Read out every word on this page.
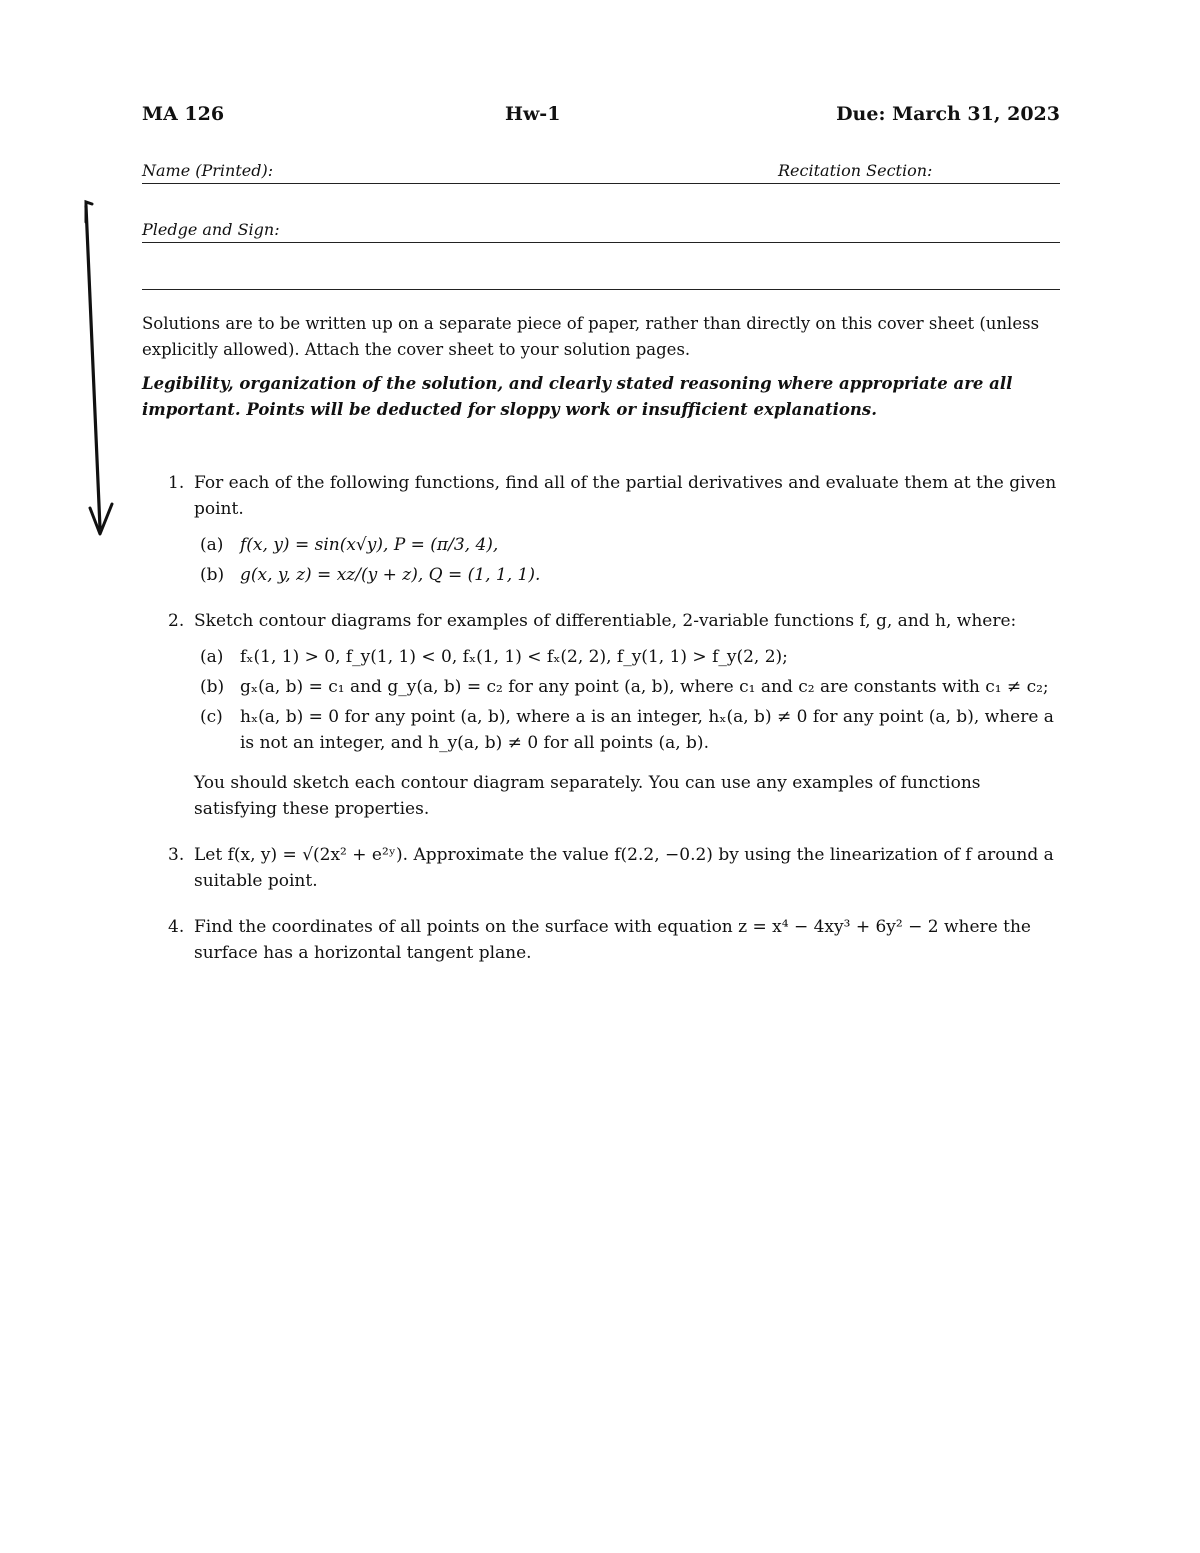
MA 126	Hw-1	Due: March 31, 2023
Name (Printed):	Recitation Section:
Pledge and Sign:
Solutions are to be written up on a separate piece of paper, rather than directly on this cover sheet (unless explicitly allowed). Attach the cover sheet to your solution pages.
Legibility, organization of the solution, and clearly stated reasoning where appropriate are all important. Points will be deducted for sloppy work or insufficient explanations.
1. For each of the following functions, find all of the partial derivatives and evaluate them at the given point.
(a) f(x, y) = sin(x√y), P = (π/3, 4),
(b) g(x, y, z) = xz/(y + z), Q = (1, 1, 1).
2. Sketch contour diagrams for examples of differentiable, 2-variable functions f, g, and h, where:
(a) fₓ(1, 1) > 0, f_y(1, 1) < 0, fₓ(1, 1) < fₓ(2, 2), f_y(1, 1) > f_y(2, 2);
(b) gₓ(a, b) = c₁ and g_y(a, b) = c₂ for any point (a, b), where c₁ and c₂ are constants with c₁ ≠ c₂;
(c) hₓ(a, b) = 0 for any point (a, b), where a is an integer, hₓ(a, b) ≠ 0 for any point (a, b), where a is not an integer, and h_y(a, b) ≠ 0 for all points (a, b).
You should sketch each contour diagram separately. You can use any examples of functions satisfying these properties.
3. Let f(x, y) = √(2x² + e²ʸ). Approximate the value f(2.2, −0.2) by using the linearization of f around a suitable point.
4. Find the coordinates of all points on the surface with equation z = x⁴ − 4xy³ + 6y² − 2 where the surface has a horizontal tangent plane.
